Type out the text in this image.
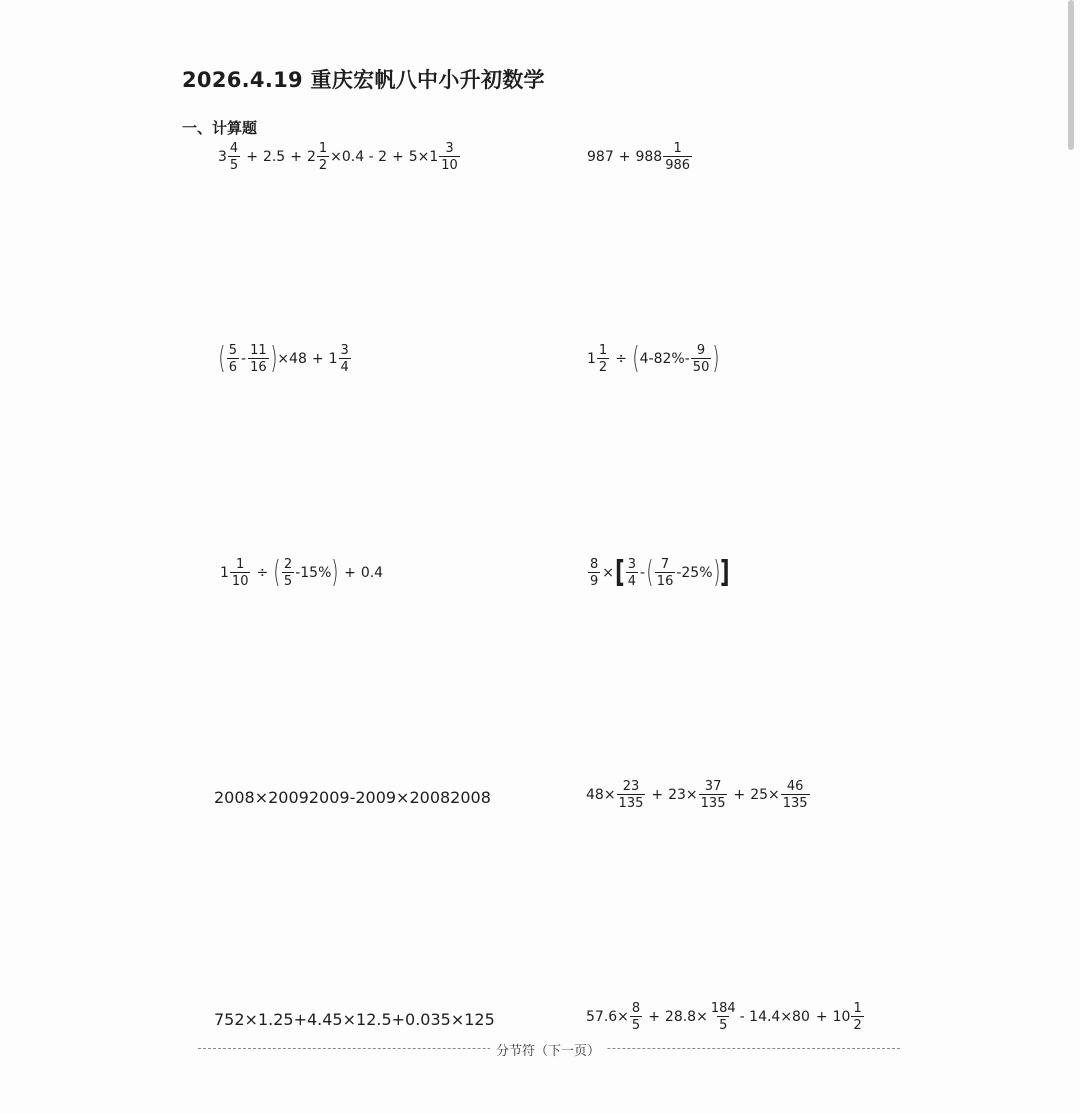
2026.4.19 重庆宏帆八中小升初数学
一、计算题
$3 \frac{4}{5} + 2.5 + 2 \frac{1}{2} \times 0.4 - 2 + 5\times 1 \frac{3}{10}$	$987 + 988 \frac{1}{986}$
( $\frac{5}{6} - \frac{11}{16}$ ) $\times 48 + 1 \frac{3}{4}$	$1 \frac{1}{2}$ ÷ ( $4-82\%- \frac{9}{50}$ )
$1 \frac{1}{10}$ ÷ ( $\frac{2}{5} -15\%$ ) + 0.4	$\frac{8}{9}$ × [ $\frac{3}{4}$ - ( $\frac{7}{16} -25\%$ ) ]
2008×20092009-2009×20082008	$48\times \frac{23}{135} + 23\times \frac{37}{135} + 25\times \frac{46}{135}$
752×1.25+4.45×12.5+0.035×125	$57.6\times \frac{8}{5} + 28.8\times \frac{184}{5} - 14.4\times 80 + 10 \frac{1}{2}$
分节符（下一页）
